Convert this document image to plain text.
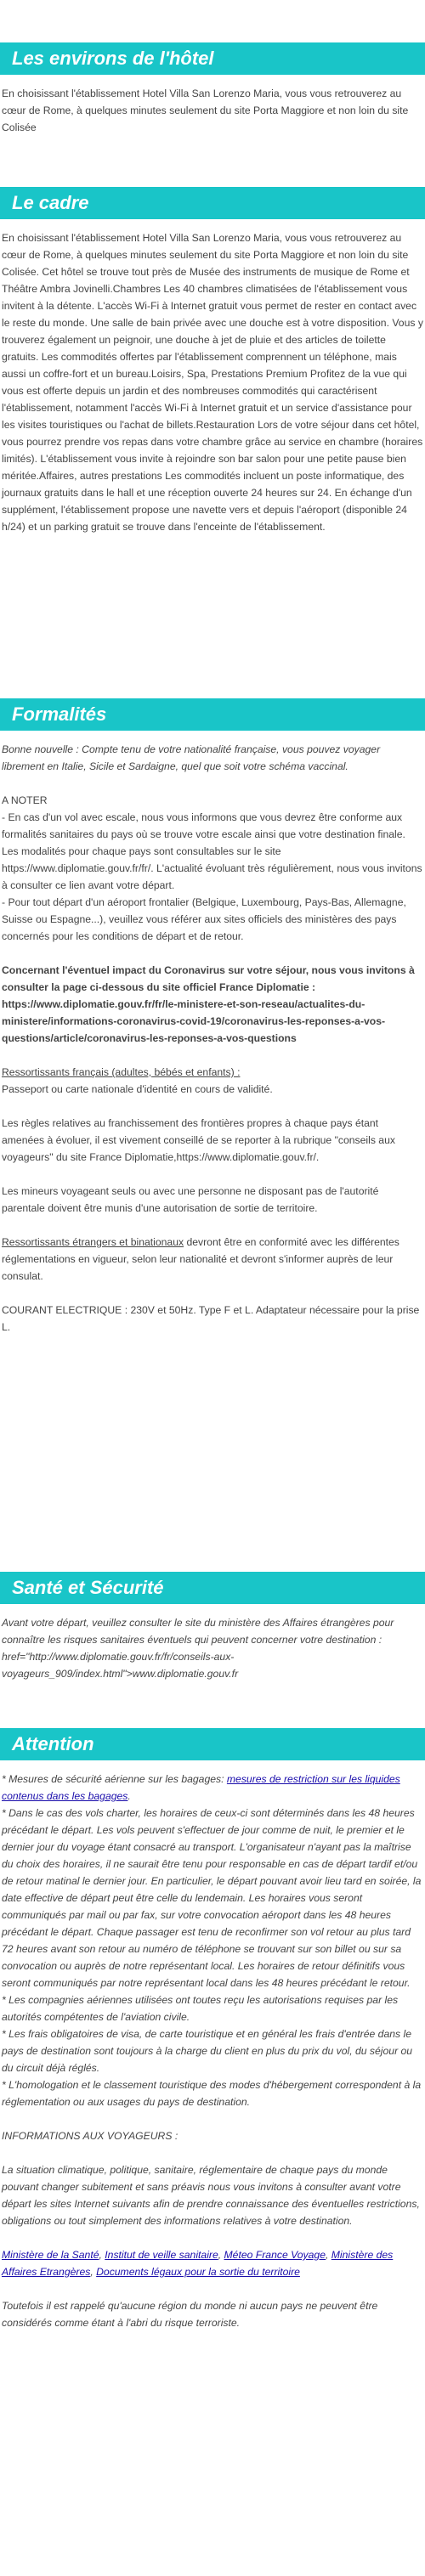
Les environs de l'hôtel

En choisissant l'établissement Hotel Villa San Lorenzo Maria, vous vous retrouverez au cœur de Rome, à quelques minutes seulement du site Porta Maggiore et non loin du site Colisée

Le cadre

En choisissant l'établissement Hotel Villa San Lorenzo Maria, vous vous retrouverez au cœur de Rome, à quelques minutes seulement du site Porta Maggiore et non loin du site Colisée. Cet hôtel se trouve tout près de Musée des instruments de musique de Rome et Théâtre Ambra Jovinelli.Chambres Les 40 chambres climatisées de l'établissement vous invitent à la détente. L'accès Wi-Fi à Internet gratuit vous permet de rester en contact avec le reste du monde. Une salle de bain privée avec une douche est à votre disposition. Vous y trouverez également un peignoir, une douche à jet de pluie et des articles de toilette gratuits. Les commodités offertes par l'établissement comprennent un téléphone, mais aussi un coffre-fort et un bureau.Loisirs, Spa, Prestations Premium Profitez de la vue qui vous est offerte depuis un jardin et des nombreuses commodités qui caractérisent l'établissement, notamment l'accès Wi-Fi à Internet gratuit et un service d'assistance pour les visites touristiques ou l'achat de billets.Restauration Lors de votre séjour dans cet hôtel, vous pourrez prendre vos repas dans votre chambre grâce au service en chambre (horaires limités). L'établissement vous invite à rejoindre son bar salon pour une petite pause bien méritée.Affaires, autres prestations Les commodités incluent un poste informatique, des journaux gratuits dans le hall et une réception ouverte 24 heures sur 24. En échange d'un supplément, l'établissement propose une navette vers et depuis l'aéroport (disponible 24 h/24) et un parking gratuit se trouve dans l'enceinte de l'établissement.

Formalités

Bonne nouvelle : Compte tenu de votre nationalité française, vous pouvez voyager librement en Italie, Sicile et Sardaigne, quel que soit votre schéma vaccinal.

A NOTER

- En cas d'un vol avec escale, nous vous informons que vous devrez être conforme aux formalités sanitaires du pays où se trouve votre escale ainsi que votre destination finale.

Les modalités pour chaque pays sont consultables sur le site https://www.diplomatie.gouv.fr/fr/. L'actualité évoluant très régulièrement, nous vous invitons à consulter ce lien avant votre départ.

- Pour tout départ d'un aéroport frontalier (Belgique, Luxembourg, Pays-Bas, Allemagne, Suisse ou Espagne...), veuillez vous référer aux sites officiels des ministères des pays concernés pour les conditions de départ et de retour.

Concernant l'éventuel impact du Coronavirus sur votre séjour, nous vous invitons à consulter la page ci-dessous du site officiel France Diplomatie : https://www.diplomatie.gouv.fr/fr/le-ministere-et-son-reseau/actualites-du-ministere/informations-coronavirus-covid-19/coronavirus-les-reponses-a-vos-questions/article/coronavirus-les-reponses-a-vos-questions

Ressortissants français (adultes, bébés et enfants) :

Passeport ou carte nationale d'identité en cours de validité.

Les règles relatives au franchissement des frontières propres à chaque pays étant amenées à évoluer, il est vivement conseillé de se reporter à la rubrique "conseils aux voyageurs" du site France Diplomatie,https://www.diplomatie.gouv.fr/.

Les mineurs voyageant seuls ou avec une personne ne disposant pas de l'autorité parentale doivent être munis d'une autorisation de sortie de territoire.

Ressortissants étrangers et binationaux devront être en conformité avec les différentes réglementations en vigueur, selon leur nationalité et devront s'informer auprès de leur consulat.

COURANT ELECTRIQUE : 230V et 50Hz. Type F et L. Adaptateur nécessaire pour la prise L.

Santé et Sécurité

Avant votre départ, veuillez consulter le site du ministère des Affaires étrangères pour connaître les risques sanitaires éventuels qui peuvent concerner votre destination : href="http://www.diplomatie.gouv.fr/fr/conseils-aux-voyageurs_909/index.html">www.diplomatie.gouv.fr

Attention

* Mesures de sécurité aérienne sur les bagages: mesures de restriction sur les liquides contenus dans les bagages.

* Dans le cas des vols charter, les horaires de ceux-ci sont déterminés dans les 48 heures précédant le départ. Les vols peuvent s'effectuer de jour comme de nuit, le premier et le dernier jour du voyage étant consacré au transport. L'organisateur n'ayant pas la maîtrise du choix des horaires, il ne saurait être tenu pour responsable en cas de départ tardif et/ou de retour matinal le dernier jour. En particulier, le départ pouvant avoir lieu tard en soirée, la date effective de départ peut être celle du lendemain. Les horaires vous seront communiqués par mail ou par fax, sur votre convocation aéroport dans les 48 heures précédant le départ. Chaque passager est tenu de reconfirmer son vol retour au plus tard 72 heures avant son retour au numéro de téléphone se trouvant sur son billet ou sur sa convocation ou auprès de notre représentant local. Les horaires de retour définitifs vous seront communiqués par notre représentant local dans les 48 heures précédant le retour.

* Les compagnies aériennes utilisées ont toutes reçu les autorisations requises par les autorités compétentes de l'aviation civile.

* Les frais obligatoires de visa, de carte touristique et en général les frais d'entrée dans le pays de destination sont toujours à la charge du client en plus du prix du vol, du séjour ou du circuit déjà réglés.

* L'homologation et le classement touristique des modes d'hébergement correspondent à la réglementation ou aux usages du pays de destination.

INFORMATIONS AUX VOYAGEURS :

La situation climatique, politique, sanitaire, réglementaire de chaque pays du monde pouvant changer subitement et sans préavis nous vous invitons à consulter avant votre départ les sites Internet suivants afin de prendre connaissance des éventuelles restrictions, obligations ou tout simplement des informations relatives à votre destination.

Ministère de la Santé, Institut de veille sanitaire, Méteo France Voyage, Ministère des Affaires Etrangères, Documents légaux pour la sortie du territoire

Toutefois il est rappelé qu'aucune région du monde ni aucun pays ne peuvent être considérés comme étant à l'abri du risque terroriste.
